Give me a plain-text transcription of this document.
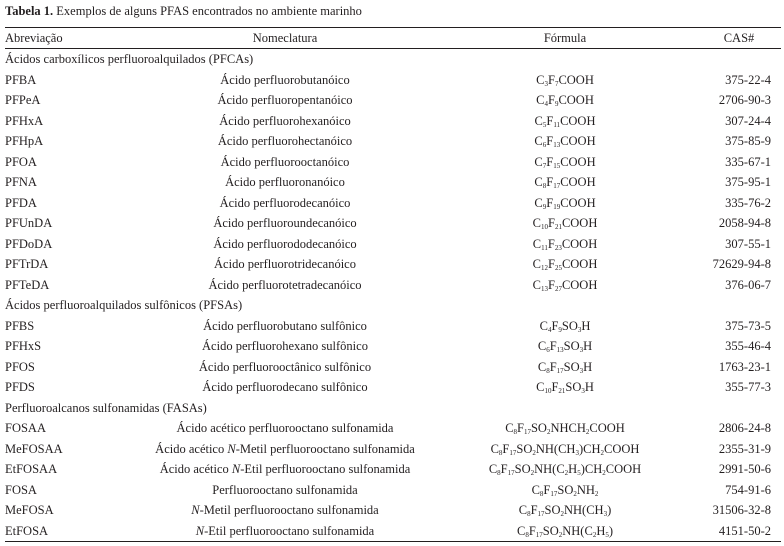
Tabela 1. Exemplos de alguns PFAS encontrados no ambiente marinho
Abreviação	Nomeclatura	Fórmula	CAS#
Ácidos carboxílicos perfluoroalquilados (PFCAs)			
PFBA	Ácido perfluorobutanóico	$C_3F_7COOH$	375-22-4
PFPeA	Ácido perfluoropentanóico	$C_4F_9COOH$	2706-90-3
PFHxA	Ácido perfluorohexanóico	$C_5F_{11}COOH$	307-24-4
PFHpA	Ácido perfluorohectanóico	$C_6F_{13}COOH$	375-85-9
PFOA	Ácido perfluorooctanóico	$C_7F_{15}COOH$	335-67-1
PFNA	Ácido perfluoronanóico	$C_8F_{17}COOH$	375-95-1
PFDA	Ácido perfluorodecanóico	$C_9F_{19}COOH$	335-76-2
PFUnDA	Ácido perfluoroundecanóico	$C_{10}F_{21}COOH$	2058-94-8
PFDoDA	Ácido perfluorododecanóico	$C_{11}F_{23}COOH$	307-55-1
PFTrDA	Ácido perfluorotridecanóico	$C_{12}F_{25}COOH$	72629-94-8
PFTeDA	Ácido perfluorotetradecanóico	$C_{13}F_{27}COOH$	376-06-7
Ácidos perfluoroalquilados sulfônicos (PFSAs)			
PFBS	Ácido perfluorobutano sulfônico	$C_4F_9SO_3H$	375-73-5
PFHxS	Ácido perfluorohexano sulfônico	$C_6F_{13}SO_3H$	355-46-4
PFOS	Ácido perfluorooctânico sulfônico	$C_8F_{17}SO_3H$	1763-23-1
PFDS	Ácido perfluorodecano sulfônico	$C_{10}F_{21}SO_3H$	355-77-3
Perfluoroalcanos sulfonamidas (FASAs)			
FOSAA	Ácido acético perfluorooctano sulfonamida	$C_8F_{17}SO_2NHCH_2COOH$	2806-24-8
MeFOSAA	Ácido acético N-Metil perfluorooctano sulfonamida	$C_8F_{17}SO_2NH(CH_3)CH_2COOH$	2355-31-9
EtFOSAA	Ácido acético N-Etil perfluorooctano sulfonamida	$C_8F_{17}SO_2NH(C_2H_5)CH_2COOH$	2991-50-6
FOSA	Perfluorooctano sulfonamida	$C_8F_{17}SO_2NH_2$	754-91-6
MeFOSA	N-Metil perfluorooctano sulfonamida	$C_8F_{17}SO_2NH(CH_3)$	31506-32-8
EtFOSA	N-Etil perfluorooctano sulfonamida	$C_8F_{17}SO_2NH(C_2H_5)$	4151-50-2
